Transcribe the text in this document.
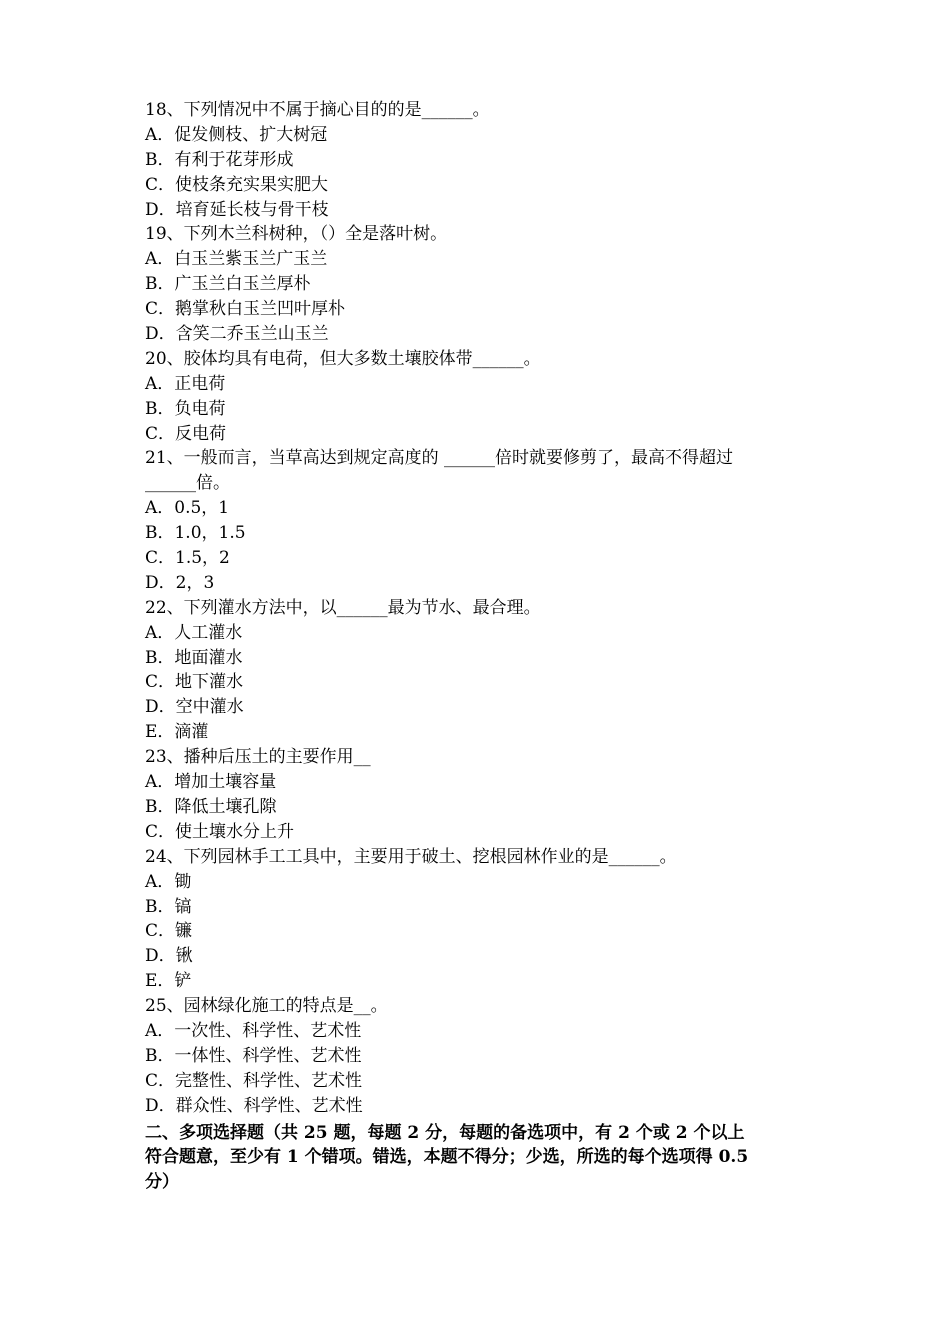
18、下列情况中不属于摘心目的的是______。
A．促发侧枝、扩大树冠
B．有利于花芽形成
C．使枝条充实果实肥大
D．培育延长枝与骨干枝
19、下列木兰科树种，（）全是落叶树。
A．白玉兰紫玉兰广玉兰
B．广玉兰白玉兰厚朴
C．鹅掌秋白玉兰凹叶厚朴
D．含笑二乔玉兰山玉兰
20、胶体均具有电荷，但大多数土壤胶体带______。
A．正电荷
B．负电荷
C．反电荷
21、一般而言，当草高达到规定高度的 ______倍时就要修剪了，最高不得超过
______倍。
A．0.5，1
B．1.0，1.5
C．1.5，2
D．2，3
22、下列灌水方法中，以______最为节水、最合理。
A．人工灌水
B．地面灌水
C．地下灌水
D．空中灌水
E．滴灌
23、播种后压土的主要作用__
A．增加土壤容量
B．降低土壤孔隙
C．使土壤水分上升
24、下列园林手工工具中，主要用于破土、挖根园林作业的是______。
A．锄
B．镐
C．镰
D．锹
E．铲
25、园林绿化施工的特点是__。
A．一次性、科学性、艺术性
B．一体性、科学性、艺术性
C．完整性、科学性、艺术性
D．群众性、科学性、艺术性
二、多项选择题（共 25 题，每题 2 分，每题的备选项中，有 2 个或 2 个以上
符合题意，至少有 1 个错项。错选，本题不得分；少选，所选的每个选项得 0.5
分）
